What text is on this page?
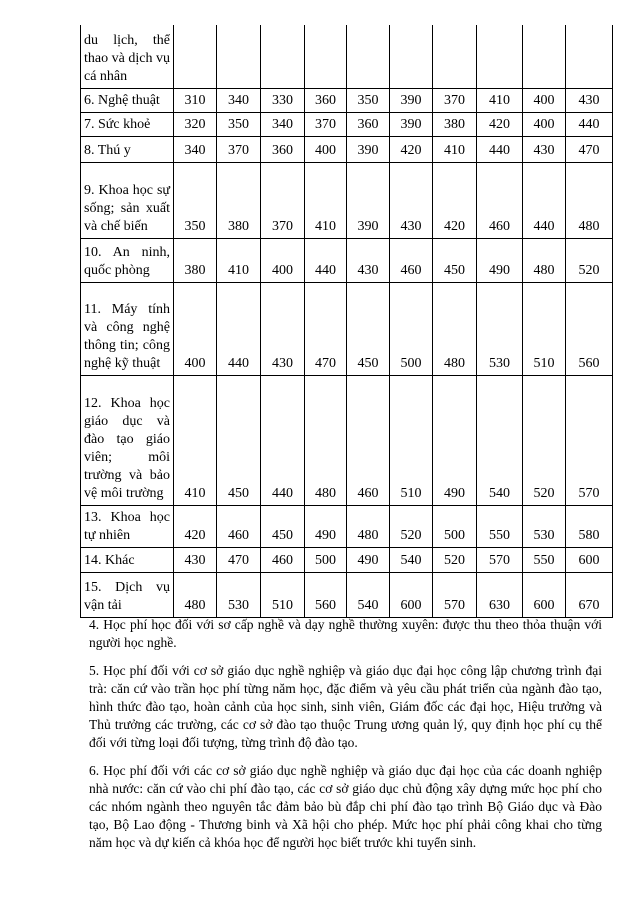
du lịch, thể thao và dịch vụ cá nhân										
6. Nghệ thuật	310	340	330	360	350	390	370	410	400	430
7. Sức khoẻ	320	350	340	370	360	390	380	420	400	440
8. Thú y	340	370	360	400	390	420	410	440	430	470
9. Khoa học sự sống; sản xuất và chế biến	350	380	370	410	390	430	420	460	440	480
10. An ninh, quốc phòng	380	410	400	440	430	460	450	490	480	520
11. Máy tính và công nghệ thông tin; công nghệ kỹ thuật	400	440	430	470	450	500	480	530	510	560
12. Khoa học giáo dục và đào tạo giáo viên; môi trường và bảo vệ môi trường	410	450	440	480	460	510	490	540	520	570
13. Khoa học tự nhiên	420	460	450	490	480	520	500	550	530	580
14. Khác	430	470	460	500	490	540	520	570	550	600
15. Dịch vụ vận tải	480	530	510	560	540	600	570	630	600	670

4. Học phí học đối với sơ cấp nghề và dạy nghề thường xuyên: được thu theo thỏa thuận với người học nghề.

5. Học phí đối với cơ sở giáo dục nghề nghiệp và giáo dục đại học công lập chương trình đại trà: căn cứ vào trần học phí từng năm học, đặc điểm và yêu cầu phát triển của ngành đào tạo, hình thức đào tạo, hoàn cảnh của học sinh, sinh viên, Giám đốc các đại học, Hiệu trưởng và Thủ trưởng các trường, các cơ sở đào tạo thuộc Trung ương quản lý, quy định học phí cụ thể đối với từng loại đối tượng, từng trình độ đào tạo.

6. Học phí đối với các cơ sở giáo dục nghề nghiệp và giáo dục đại học của các doanh nghiệp nhà nước: căn cứ vào chi phí đào tạo, các cơ sở giáo dục chủ động xây dựng mức học phí cho các nhóm ngành theo nguyên tắc đảm bảo bù đắp chi phí đào tạo trình Bộ Giáo dục và Đào tạo, Bộ Lao động - Thương binh và Xã hội cho phép. Mức học phí phải công khai cho từng năm học và dự kiến cả khóa học để người học biết trước khi tuyển sinh.
